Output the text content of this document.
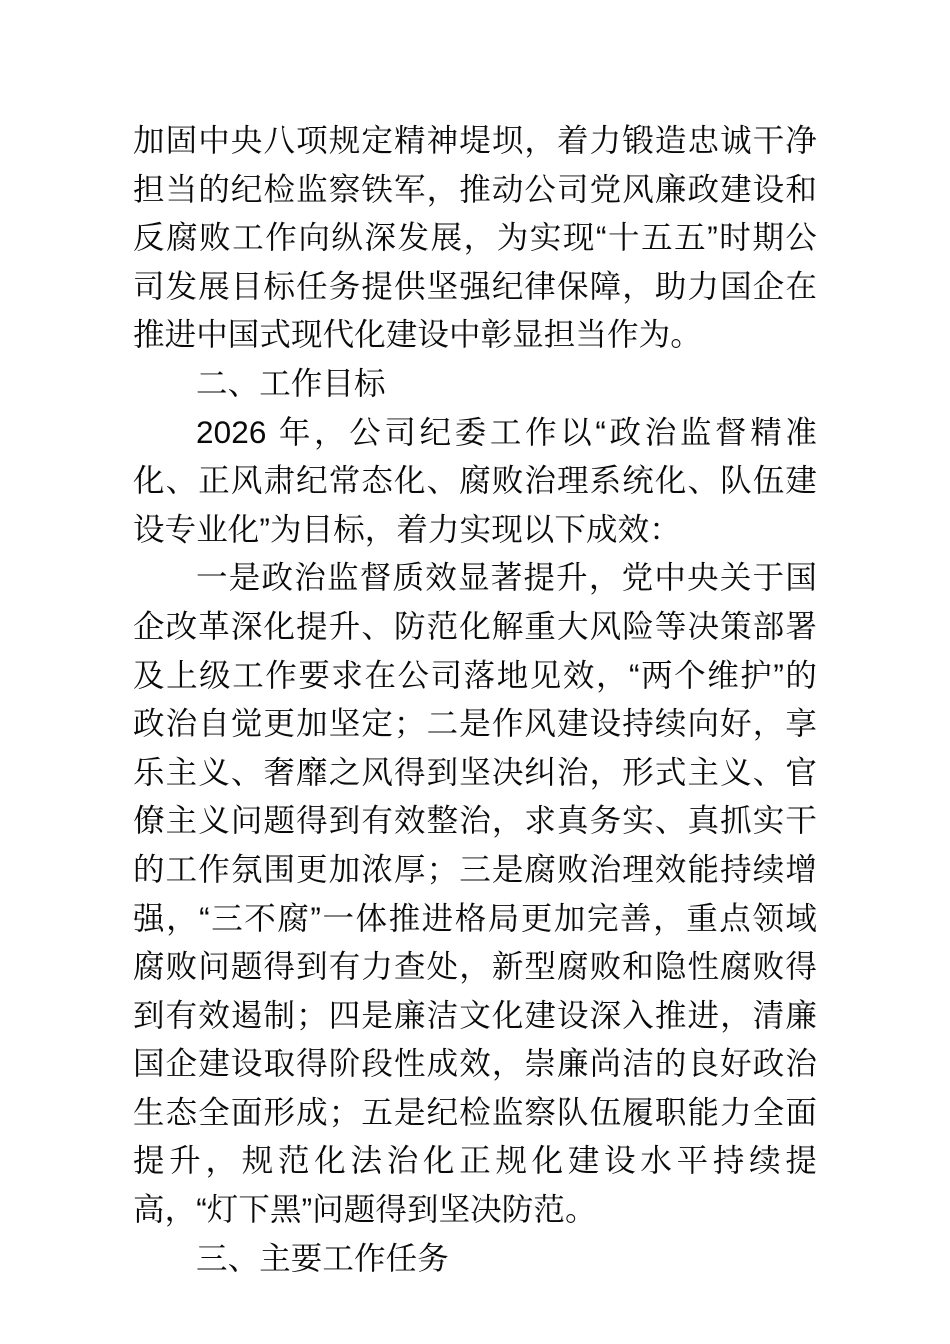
加固中央八项规定精神堤坝，着力锻造忠诚干净担当的纪检监察铁军，推动公司党风廉政建设和反腐败工作向纵深发展，为实现“十五五”时期公司发展目标任务提供坚强纪律保障，助力国企在推进中国式现代化建设中彰显担当作为。

二、工作目标

2026 年，公司纪委工作以“政治监督精准化、正风肃纪常态化、腐败治理系统化、队伍建设专业化”为目标，着力实现以下成效：

一是政治监督质效显著提升，党中央关于国企改革深化提升、防范化解重大风险等决策部署及上级工作要求在公司落地见效，“两个维护”的政治自觉更加坚定；二是作风建设持续向好，享乐主义、奢靡之风得到坚决纠治，形式主义、官僚主义问题得到有效整治，求真务实、真抓实干的工作氛围更加浓厚；三是腐败治理效能持续增强，“三不腐”一体推进格局更加完善，重点领域腐败问题得到有力查处，新型腐败和隐性腐败得到有效遏制；四是廉洁文化建设深入推进，清廉国企建设取得阶段性成效，崇廉尚洁的良好政治生态全面形成；五是纪检监察队伍履职能力全面提升，规范化法治化正规化建设水平持续提高，“灯下黑”问题得到坚决防范。

三、主要工作任务
